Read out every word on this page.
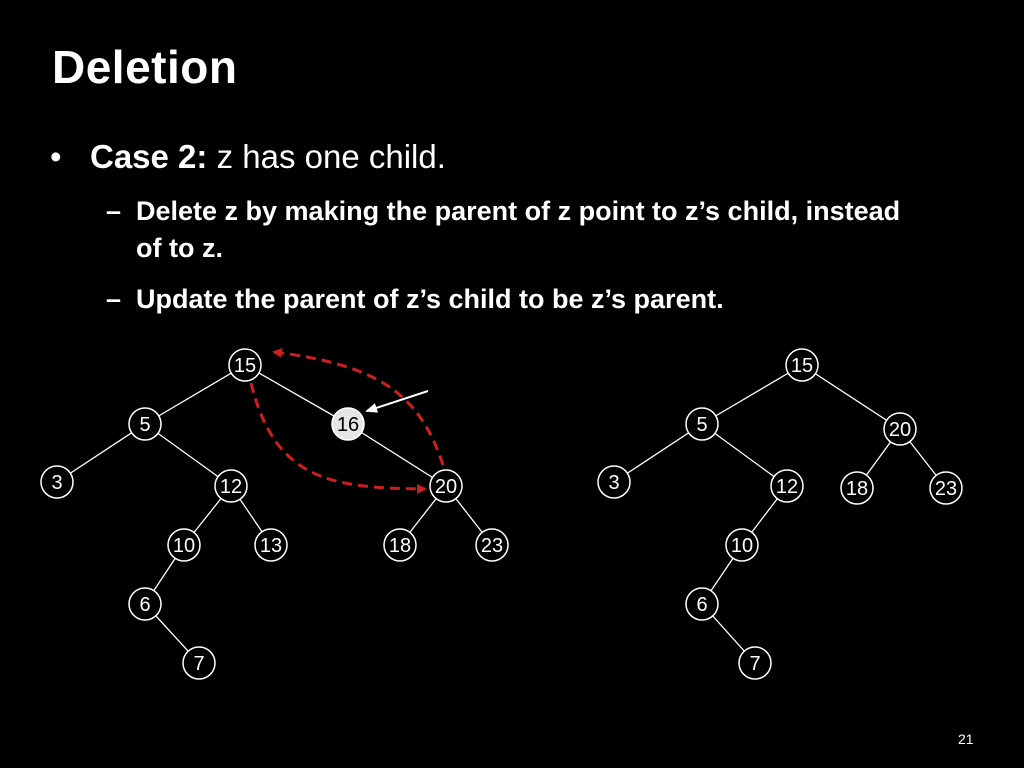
Deletion
• Case 2: z has one child.
– Delete z by making the parent of z point to z’s child, instead of to z.
– Update the parent of z’s child to be z’s parent.
z	delete
15
5	16
3	12	20
10	13	18	23
6
7
15
5	20
3	12 18	23
10
6
7
21
